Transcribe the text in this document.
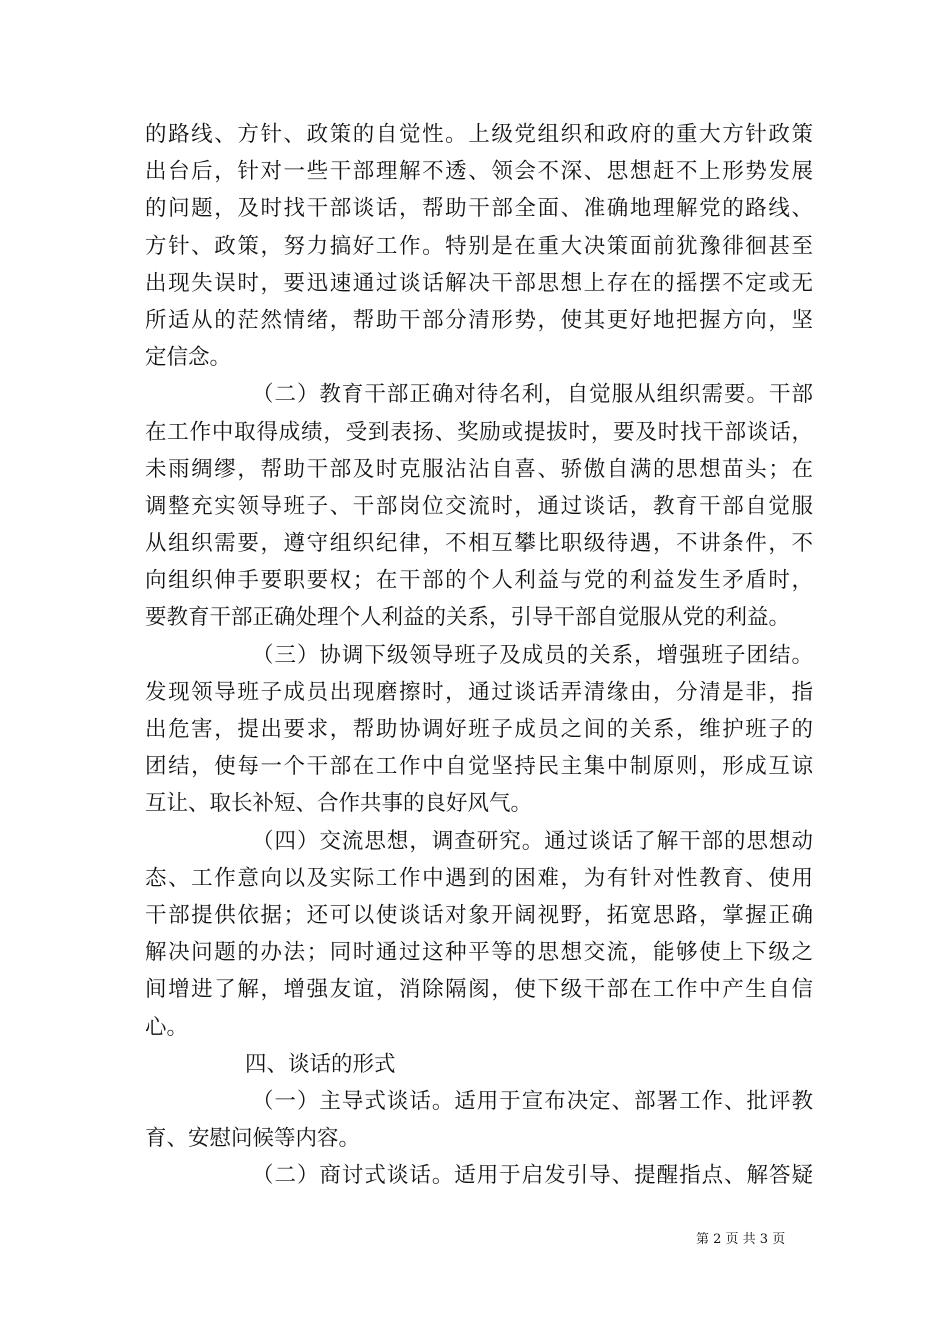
的路线、方针、政策的自觉性。上级党组织和政府的重大方针政策
出台后，针对一些干部理解不透、领会不深、思想赶不上形势发展
的问题，及时找干部谈话，帮助干部全面、准确地理解党的路线、
方针、政策，努力搞好工作。特别是在重大决策面前犹豫徘徊甚至
出现失误时，要迅速通过谈话解决干部思想上存在的摇摆不定或无
所适从的茫然情绪，帮助干部分清形势，使其更好地把握方向，坚
定信念。
（二）教育干部正确对待名利，自觉服从组织需要。干部
在工作中取得成绩，受到表扬、奖励或提拔时，要及时找干部谈话，
未雨绸缪，帮助干部及时克服沾沾自喜、骄傲自满的思想苗头；在
调整充实领导班子、干部岗位交流时，通过谈话，教育干部自觉服
从组织需要，遵守组织纪律，不相互攀比职级待遇，不讲条件，不
向组织伸手要职要权；在干部的个人利益与党的利益发生矛盾时，
要教育干部正确处理个人利益的关系，引导干部自觉服从党的利益。
（三）协调下级领导班子及成员的关系，增强班子团结。
发现领导班子成员出现磨擦时，通过谈话弄清缘由，分清是非，指
出危害，提出要求，帮助协调好班子成员之间的关系，维护班子的
团结，使每一个干部在工作中自觉坚持民主集中制原则，形成互谅
互让、取长补短、合作共事的良好风气。
（四）交流思想，调查研究。通过谈话了解干部的思想动
态、工作意向以及实际工作中遇到的困难，为有针对性教育、使用
干部提供依据；还可以使谈话对象开阔视野，拓宽思路，掌握正确
解决问题的办法；同时通过这种平等的思想交流，能够使上下级之
间增进了解，增强友谊，消除隔阂，使下级干部在工作中产生自信
心。
四、谈话的形式
（一）主导式谈话。适用于宣布决定、部署工作、批评教
育、安慰问候等内容。
（二）商讨式谈话。适用于启发引导、提醒指点、解答疑
第 2 页 共 3 页
